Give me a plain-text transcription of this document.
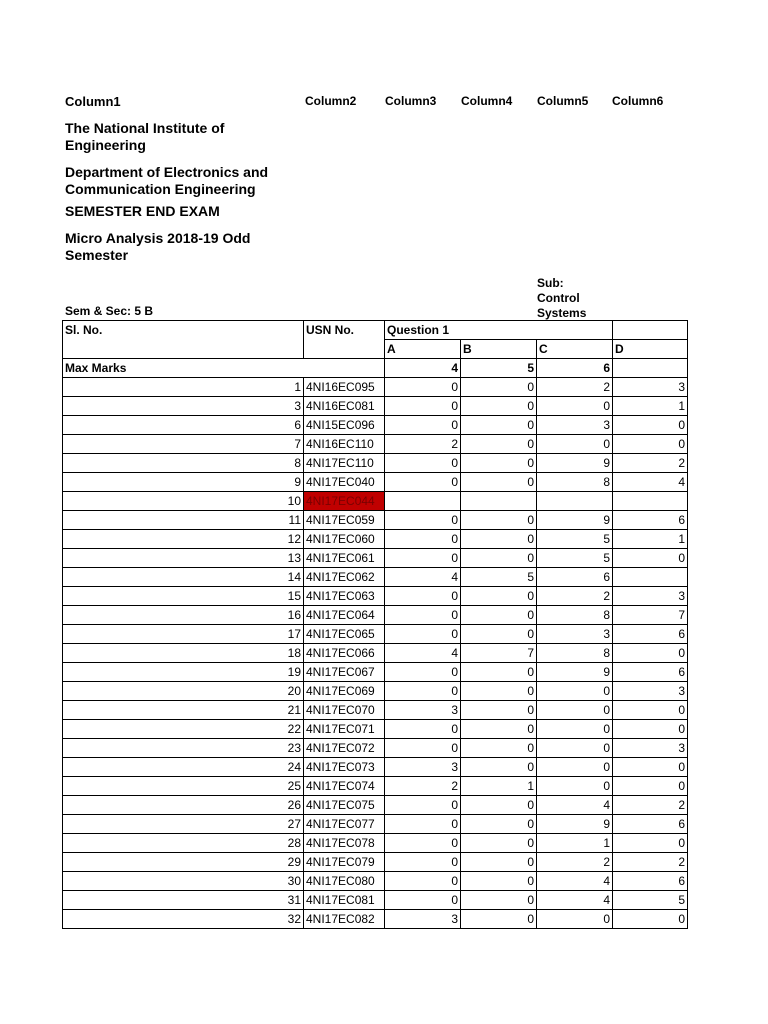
Column1	Column2 Column3 Column4 Column5 Column6
The National Institute of Engineering
Department of Electronics and Communication Engineering
SEMESTER END EXAM
Micro Analysis 2018-19 Odd Semester
Sem & Sec: 5 B
Sub: Control Systems
Sl. No.	USN No.	Question 1			
		A	B	C	D
Max Marks		4	5	6	
1	4NI16EC095	0	0	2	3
3	4NI16EC081	0	0	0	1
6	4NI15EC096	0	0	3	0
7	4NI16EC110	2	0	0	0
8	4NI17EC110	0	0	9	2
9	4NI17EC040	0	0	8	4
10	4NI17EC044				
11	4NI17EC059	0	0	9	6
12	4NI17EC060	0	0	5	1
13	4NI17EC061	0	0	5	0
14	4NI17EC062	4	5	6	
15	4NI17EC063	0	0	2	3
16	4NI17EC064	0	0	8	7
17	4NI17EC065	0	0	3	6
18	4NI17EC066	4	7	8	0
19	4NI17EC067	0	0	9	6
20	4NI17EC069	0	0	0	3
21	4NI17EC070	3	0	0	0
22	4NI17EC071	0	0	0	0
23	4NI17EC072	0	0	0	3
24	4NI17EC073	3	0	0	0
25	4NI17EC074	2	1	0	0
26	4NI17EC075	0	0	4	2
27	4NI17EC077	0	0	9	6
28	4NI17EC078	0	0	1	0
29	4NI17EC079	0	0	2	2
30	4NI17EC080	0	0	4	6
31	4NI17EC081	0	0	4	5
32	4NI17EC082	3	0	0	0
